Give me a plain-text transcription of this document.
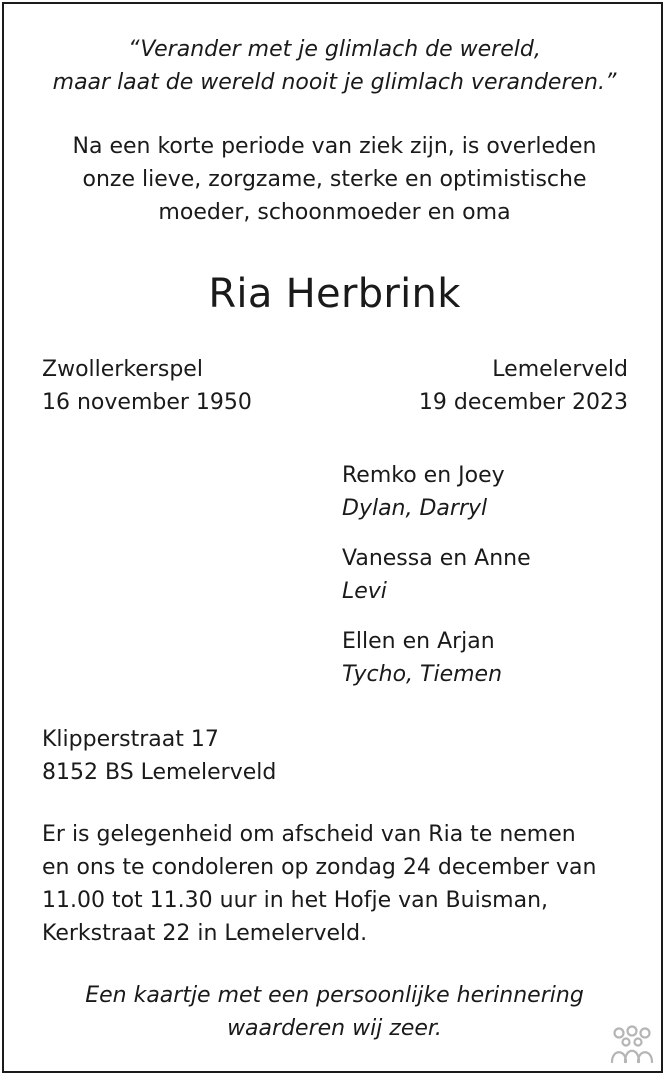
“Verander met je glimlach de wereld,
maar laat de wereld nooit je glimlach veranderen.”
Na een korte periode van ziek zijn, is overleden
onze lieve, zorgzame, sterke en optimistische
moeder, schoonmoeder en oma
Ria Herbrink
Zwollerkerspel
16 november 1950
Lemelerveld
19 december 2023
Remko en Joey
Dylan, Darryl
Vanessa en Anne
Levi
Ellen en Arjan
Tycho, Tiemen
Klipperstraat 17
8152 BS Lemelerveld
Er is gelegenheid om afscheid van Ria te nemen
en ons te condoleren op zondag 24 december van
11.00 tot 11.30 uur in het Hofje van Buisman,
Kerkstraat 22 in Lemelerveld.
Een kaartje met een persoonlijke herinnering
waarderen wij zeer.
